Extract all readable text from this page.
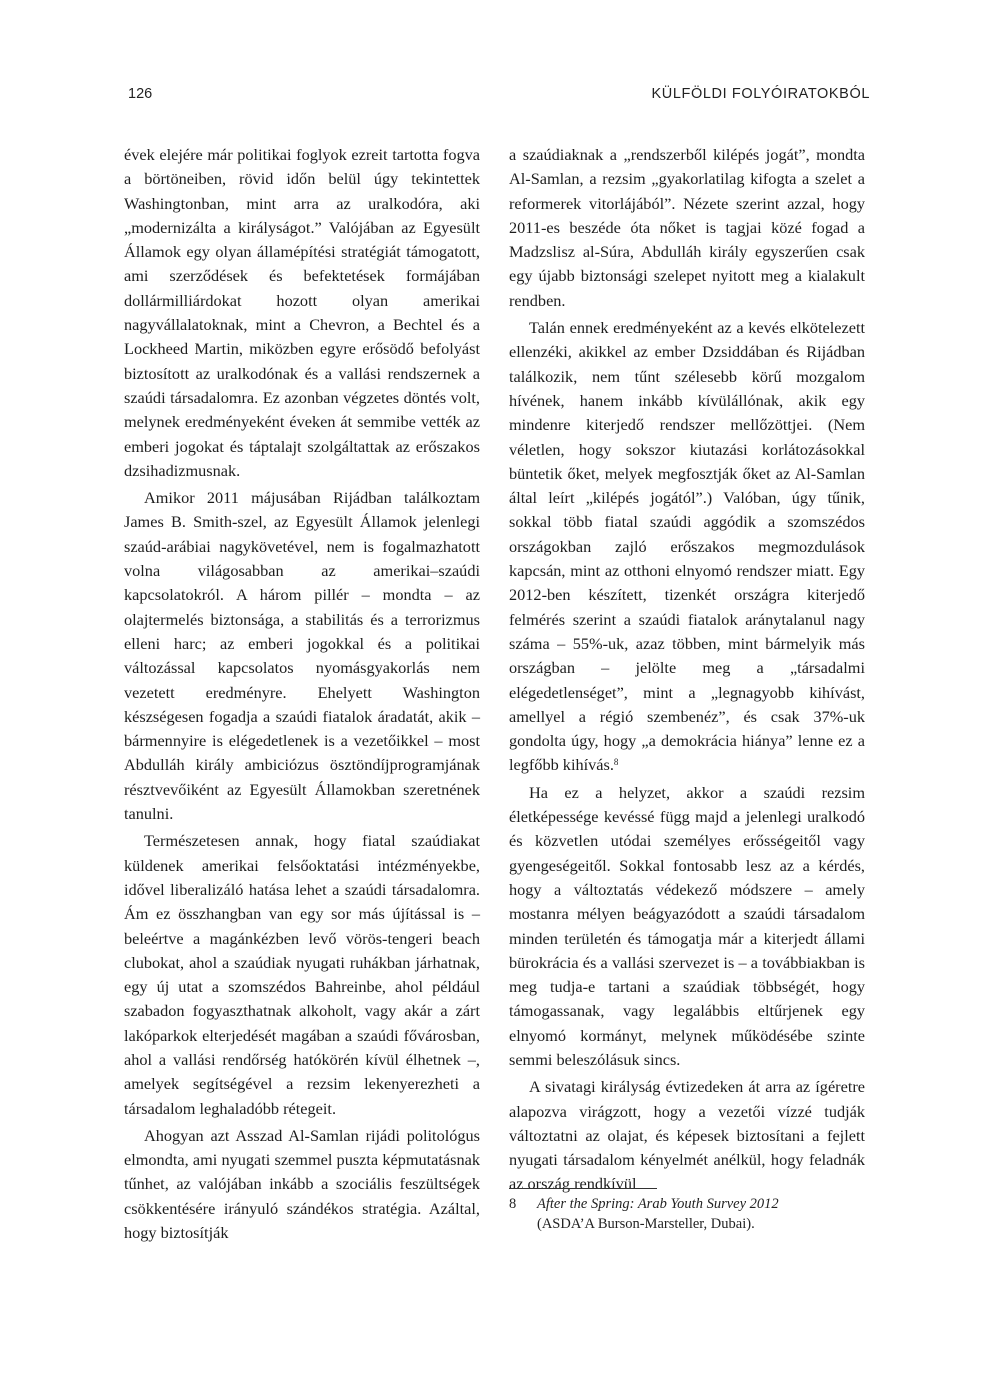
126	KÜLFÖLDI FOLYÓIRATOKBÓL

évek elejére már politikai foglyok ezreit tartotta fogva a börtöneiben, rövid időn belül úgy tekintettek Washingtonban, mint arra az uralkodóra, aki „modernizálta a királyságot.” Valójában az Egyesült Államok egy olyan államépítési stratégiát támogatott, ami szerződések és befektetések formájában dollármilliárdokat hozott olyan amerikai nagyvállalatoknak, mint a Chevron, a Bechtel és a Lockheed Martin, miközben egyre erősödő befolyást biztosított az uralkodónak és a vallási rendszernek a szaúdi társadalomra. Ez azonban végzetes döntés volt, melynek eredményeként éveken át semmibe vették az emberi jogokat és táptalajt szolgáltattak az erőszakos dzsihadizmusnak.

Amikor 2011 májusában Rijádban találkoztam James B. Smith-szel, az Egyesült Államok jelenlegi szaúd-arábiai nagykövetével, nem is fogalmazhatott volna világosabban az amerikai–szaúdi kapcsolatokról. A három pillér – mondta – az olajtermelés biztonsága, a stabilitás és a terrorizmus elleni harc; az emberi jogokkal és a politikai változással kapcsolatos nyomásgyakorlás nem vezetett eredményre. Ehelyett Washington készségesen fogadja a szaúdi fiatalok áradatát, akik – bármennyire is elégedetlenek is a vezetőikkel – most Abdulláh király ambiciózus ösztöndíjprogramjának résztvevőiként az Egyesült Államokban szeretnének tanulni.

Természetesen annak, hogy fiatal szaúdiakat küldenek amerikai felsőoktatási intézményekbe, idővel liberalizáló hatása lehet a szaúdi társadalomra. Ám ez összhangban van egy sor más újítással is – beleértve a magánkézben levő vörös-tengeri beach clubokat, ahol a szaúdiak nyugati ruhákban járhatnak, egy új utat a szomszédos Bahreinbe, ahol például szabadon fogyaszthatnak alkoholt, vagy akár a zárt lakóparkok elterjedését magában a szaúdi fővárosban, ahol a vallási rendőrség hatókörén kívül élhetnek –, amelyek segítségével a rezsim lekenyerezheti a társadalom leghaladóbb rétegeit.

Ahogyan azt Asszad Al-Samlan rijádi politológus elmondta, ami nyugati szemmel puszta képmutatásnak tűnhet, az valójában inkább a szociális feszültségek csökkentésére irányuló szándékos stratégia. Azáltal, hogy biztosítják

a szaúdiaknak a „rendszerből kilépés jogát”, mondta Al-Samlan, a rezsim „gyakorlatilag kifogta a szelet a reformerek vitorlájából”. Nézete szerint azzal, hogy 2011-es beszéde óta nőket is tagjai közé fogad a Madzslisz al-Súra, Abdulláh király egyszerűen csak egy újabb biztonsági szelepet nyitott meg a kialakult rendben.

Talán ennek eredményeként az a kevés elkötelezett ellenzéki, akikkel az ember Dzsiddában és Rijádban találkozik, nem tűnt szélesebb körű mozgalom hívének, hanem inkább kívülállónak, akik egy mindenre kiterjedő rendszer mellőzöttjei. (Nem véletlen, hogy sokszor kiutazási korlátozásokkal büntetik őket, melyek megfosztják őket az Al-Samlan által leírt „kilépés jogától”.) Valóban, úgy tűnik, sokkal több fiatal szaúdi aggódik a szomszédos országokban zajló erőszakos megmozdulások kapcsán, mint az otthoni elnyomó rendszer miatt. Egy 2012-ben készített, tizenkét országra kiterjedő felmérés szerint a szaúdi fiatalok aránytalanul nagy száma – 55%-uk, azaz többen, mint bármelyik más országban – jelölte meg a „társadalmi elégedetlenséget”, mint a „legnagyobb kihívást, amellyel a régió szembenéz”, és csak 37%-uk gondolta úgy, hogy „a demokrácia hiánya” lenne ez a legfőbb kihívás.$^8$

Ha ez a helyzet, akkor a szaúdi rezsim életképessége kevéssé függ majd a jelenlegi uralkodó és közvetlen utódai személyes erősségeitől vagy gyengeségeitől. Sokkal fontosabb lesz az a kérdés, hogy a változtatás védekező módszere – amely mostanra mélyen beágyazódott a szaúdi társadalom minden területén és támogatja már a kiterjedt állami bürokrácia és a vallási szervezet is – a továbbiakban is meg tudja-e tartani a szaúdiak többségét, hogy támogassanak, vagy legalábbis eltűrjenek egy elnyomó kormányt, melynek működésébe szinte semmi beleszólásuk sincs.

A sivatagi királyság évtizedeken át arra az ígéretre alapozva virágzott, hogy a vezetői vízzé tudják változtatni az olajat, és képesek biztosítani a fejlett nyugati társadalom kényelmét anélkül, hogy feladnák az ország rendkívül

8 After the Spring: Arab Youth Survey 2012
(ASDA’A Burson-Marsteller, Dubai).
